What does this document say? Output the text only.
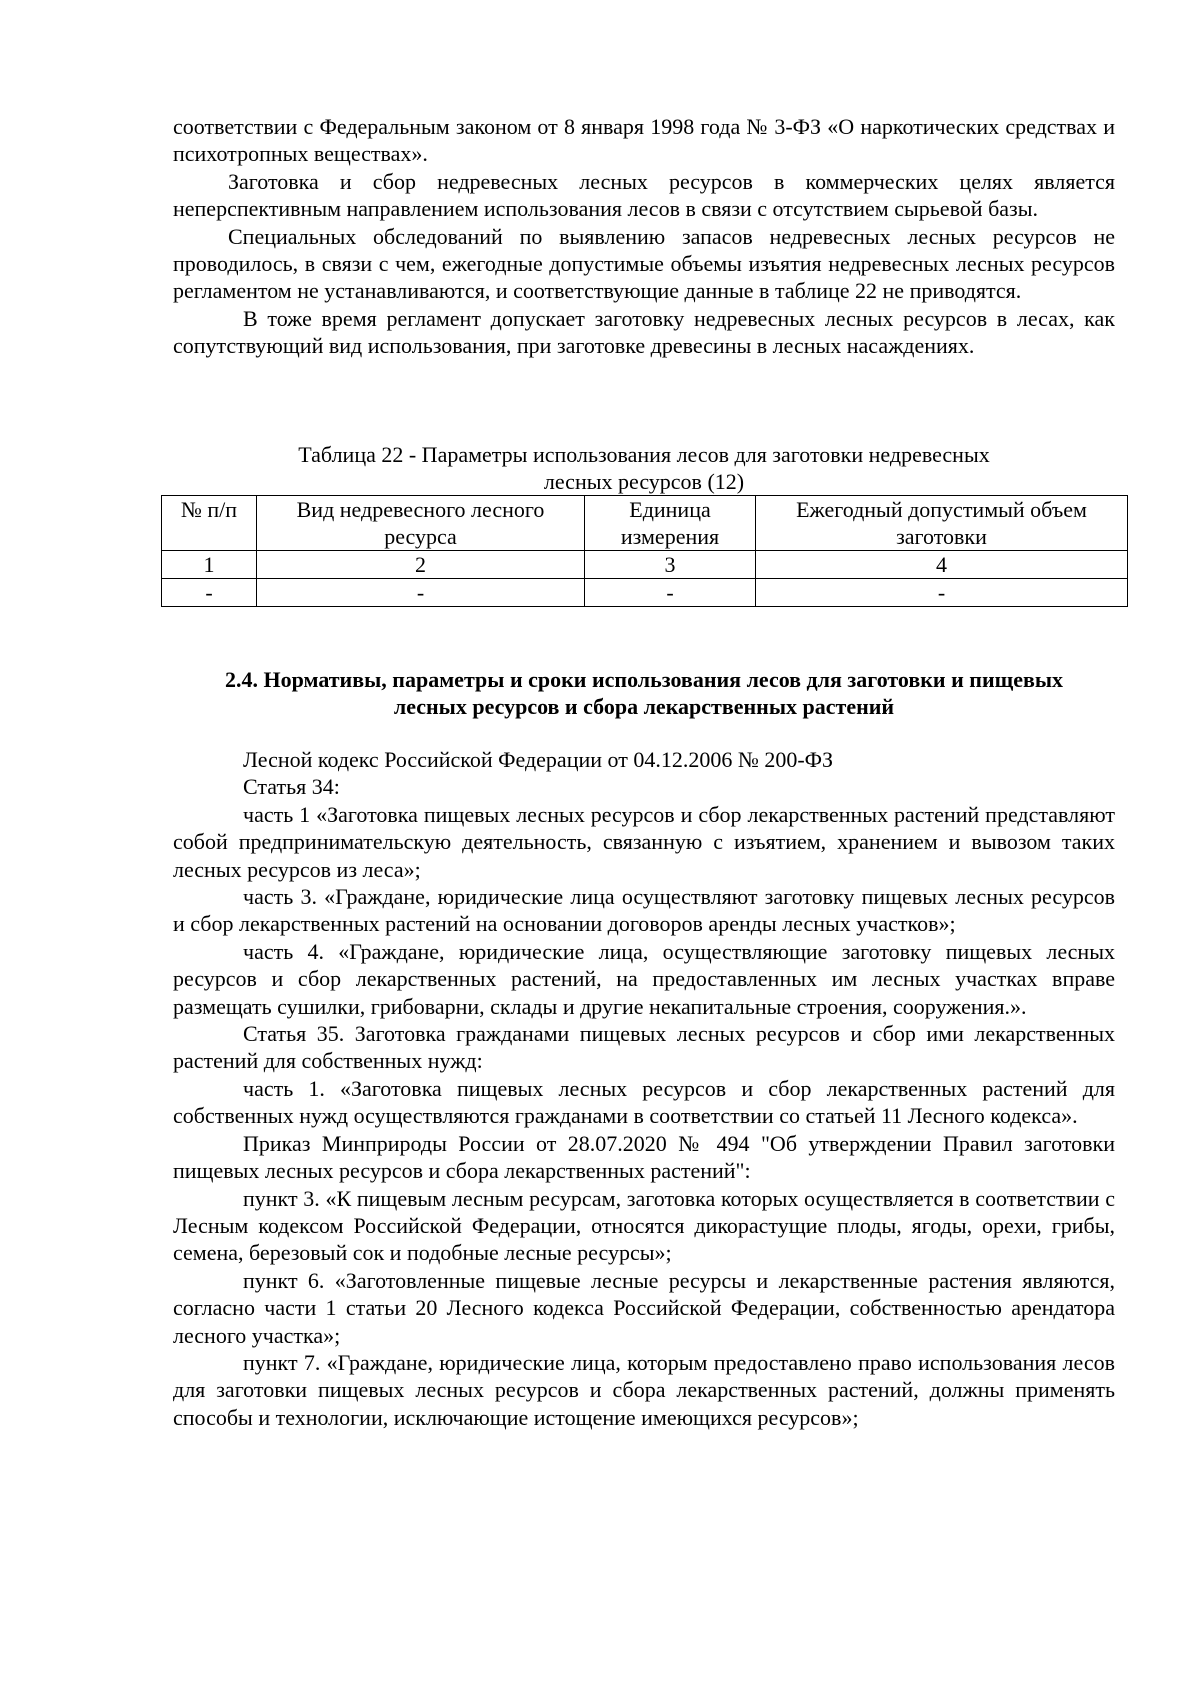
соответствии с Федеральным законом от 8 января 1998 года № 3-ФЗ «О наркотических средствах и психотропных веществах».

Заготовка и сбор недревесных лесных ресурсов в коммерческих целях является неперспективным направлением использования лесов в связи с отсутствием сырьевой базы.

Специальных обследований по выявлению запасов недревесных лесных ресурсов не проводилось, в связи с чем, ежегодные допустимые объемы изъятия недревесных лесных ресурсов регламентом не устанавливаются, и соответствующие данные в таблице 22 не приводятся.

В тоже время регламент допускает заготовку недревесных лесных ресурсов в лесах, как сопутствующий вид использования, при заготовке древесины в лесных насаждениях.

Таблица 22 - Параметры использования лесов для заготовки недревесных
лесных ресурсов (12)
№ п/п	Вид недревесного лесного ресурса	Единица измерения	Ежегодный допустимый объем заготовки
1	2	3	4
-	-	-	-
2.4. Нормативы, параметры и сроки использования лесов для заготовки и пищевых
лесных ресурсов и сбора лекарственных растений

Лесной кодекс Российской Федерации от 04.12.2006 № 200-ФЗ

Статья 34:

часть 1 «Заготовка пищевых лесных ресурсов и сбор лекарственных растений представляют собой предпринимательскую деятельность, связанную с изъятием, хранением и вывозом таких лесных ресурсов из леса»;

часть 3. «Граждане, юридические лица осуществляют заготовку пищевых лесных ресурсов и сбор лекарственных растений на основании договоров аренды лесных участков»;

часть 4. «Граждане, юридические лица, осуществляющие заготовку пищевых лесных ресурсов и сбор лекарственных растений, на предоставленных им лесных участках вправе размещать сушилки, грибоварни, склады и другие некапитальные строения, сооружения.».

Статья 35. Заготовка гражданами пищевых лесных ресурсов и сбор ими лекарственных растений для собственных нужд:

часть 1. «Заготовка пищевых лесных ресурсов и сбор лекарственных растений для собственных нужд осуществляются гражданами в соответствии со статьей 11 Лесного кодекса».

Приказ Минприроды России от 28.07.2020 № 494 "Об утверждении Правил заготовки пищевых лесных ресурсов и сбора лекарственных растений":

пункт 3. «К пищевым лесным ресурсам, заготовка которых осуществляется в соответствии с Лесным кодексом Российской Федерации, относятся дикорастущие плоды, ягоды, орехи, грибы, семена, березовый сок и подобные лесные ресурсы»;

пункт 6. «Заготовленные пищевые лесные ресурсы и лекарственные растения являются, согласно части 1 статьи 20 Лесного кодекса Российской Федерации, собственностью арендатора лесного участка»;

пункт 7. «Граждане, юридические лица, которым предоставлено право использования лесов для заготовки пищевых лесных ресурсов и сбора лекарственных растений, должны применять способы и технологии, исключающие истощение имеющихся ресурсов»;
